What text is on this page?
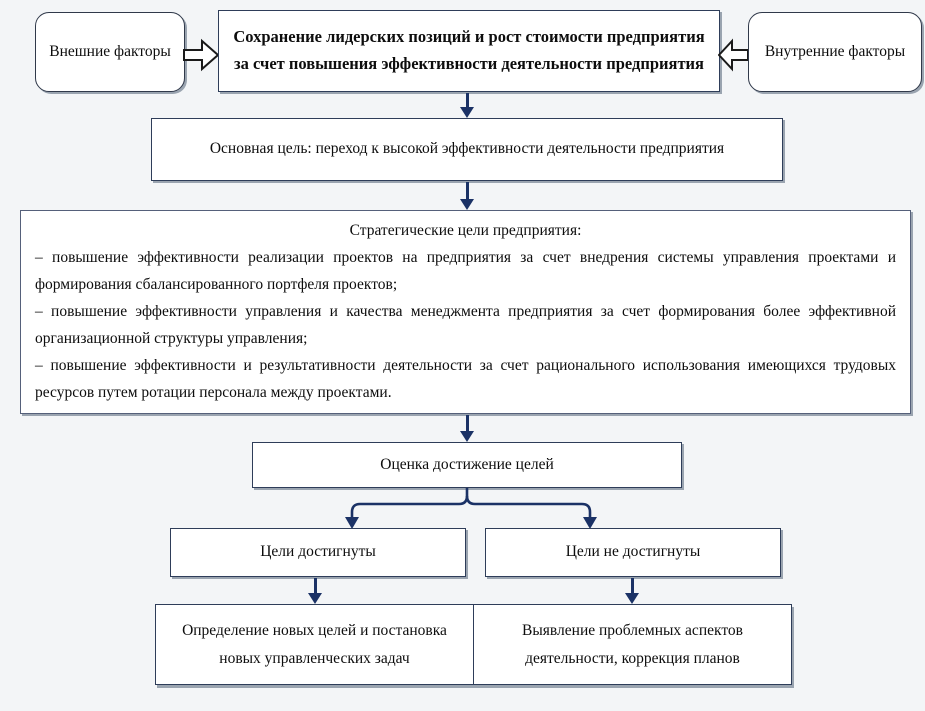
Внешние факторы
Сохранение лидерских позиций и рост стоимости предприятия за счет повышения эффективности деятельности предприятия
Внутренние факторы
Основная цель: переход к высокой эффективности деятельности предприятия
Стратегические цели предприятия:

– повышение эффективности реализации проектов на предприятия за счет внедрения системы управления проектами и формирования сбалансированного портфеля проектов;

– повышение эффективности управления и качества менеджмента предприятия за счет формирования более эффективной организационной структуры управления;

– повышение эффективности и результативности деятельности за счет рационального использования имеющихся трудовых ресурсов путем ротации персонала между проектами.

Оценка достижение целей
Цели достигнуты	Цели не достигнуты
Определение новых целей и постановка новых управленческих задач
Выявление проблемных аспектов деятельности, коррекция планов
